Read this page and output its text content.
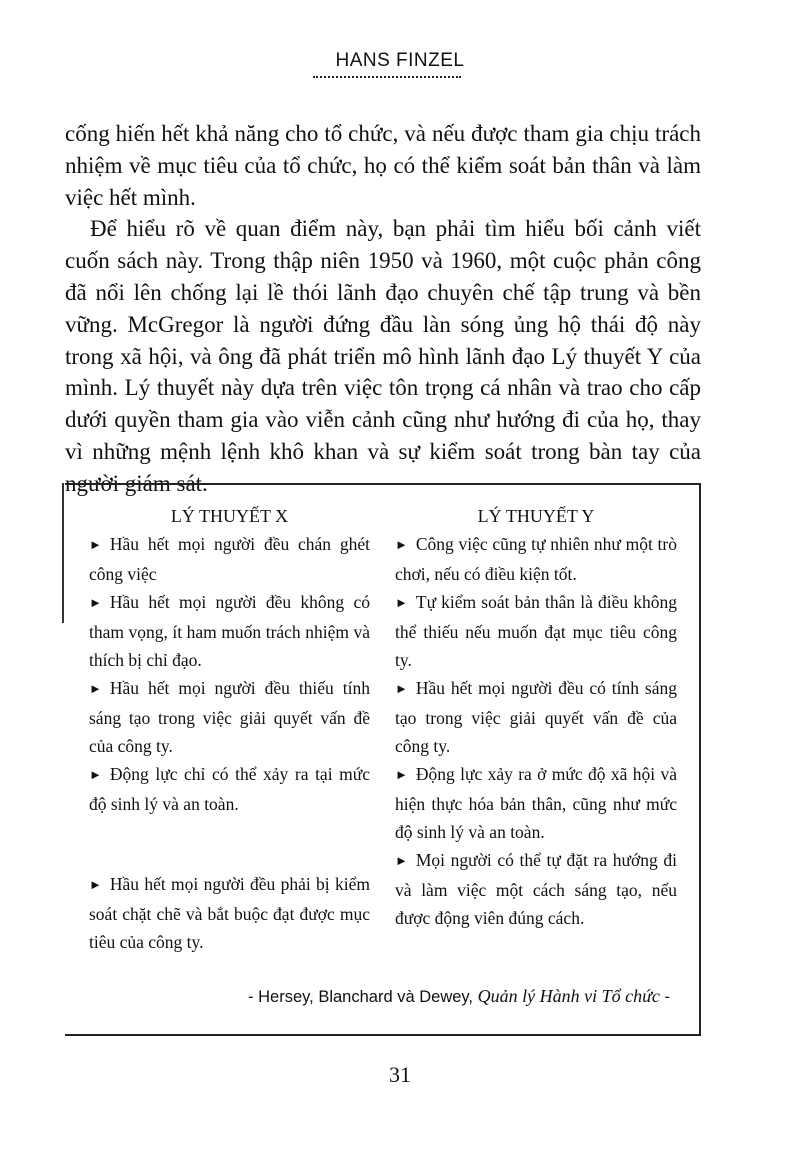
HANS FINZEL

cống hiến hết khả năng cho tổ chức, và nếu được tham gia chịu trách nhiệm về mục tiêu của tổ chức, họ có thể kiểm soát bản thân và làm việc hết mình.

Để hiểu rõ về quan điểm này, bạn phải tìm hiểu bối cảnh viết cuốn sách này. Trong thập niên 1950 và 1960, một cuộc phản công đã nổi lên chống lại lề thói lãnh đạo chuyên chế tập trung và bền vững. McGregor là người đứng đầu làn sóng ủng hộ thái độ này trong xã hội, và ông đã phát triển mô hình lãnh đạo Lý thuyết Y của mình. Lý thuyết này dựa trên việc tôn trọng cá nhân và trao cho cấp dưới quyền tham gia vào viễn cảnh cũng như hướng đi của họ, thay vì những mệnh lệnh khô khan và sự kiểm soát trong bàn tay của người giám sát.

LÝ THUYẾT X
► Hầu hết mọi người đều chán ghét công việc
► Hầu hết mọi người đều không có tham vọng, ít ham muốn trách nhiệm và thích bị chỉ đạo.
► Hầu hết mọi người đều thiếu tính sáng tạo trong việc giải quyết vấn đề của công ty.
► Động lực chỉ có thể xảy ra tại mức độ sinh lý và an toàn.
► Hầu hết mọi người đều phải bị kiểm soát chặt chẽ và bắt buộc đạt được mục tiêu của công ty.
LÝ THUYẾT Y
► Công việc cũng tự nhiên như một trò chơi, nếu có điều kiện tốt.
► Tự kiểm soát bản thân là điều không thể thiếu nếu muốn đạt mục tiêu công ty.
► Hầu hết mọi người đều có tính sáng tạo trong việc giải quyết vấn đề của công ty.
► Động lực xảy ra ở mức độ xã hội và hiện thực hóa bản thân, cũng như mức độ sinh lý và an toàn.
► Mọi người có thể tự đặt ra hướng đi và làm việc một cách sáng tạo, nếu được động viên đúng cách.
- Hersey, Blanchard và Dewey, Quản lý Hành vi Tổ chức -
31
